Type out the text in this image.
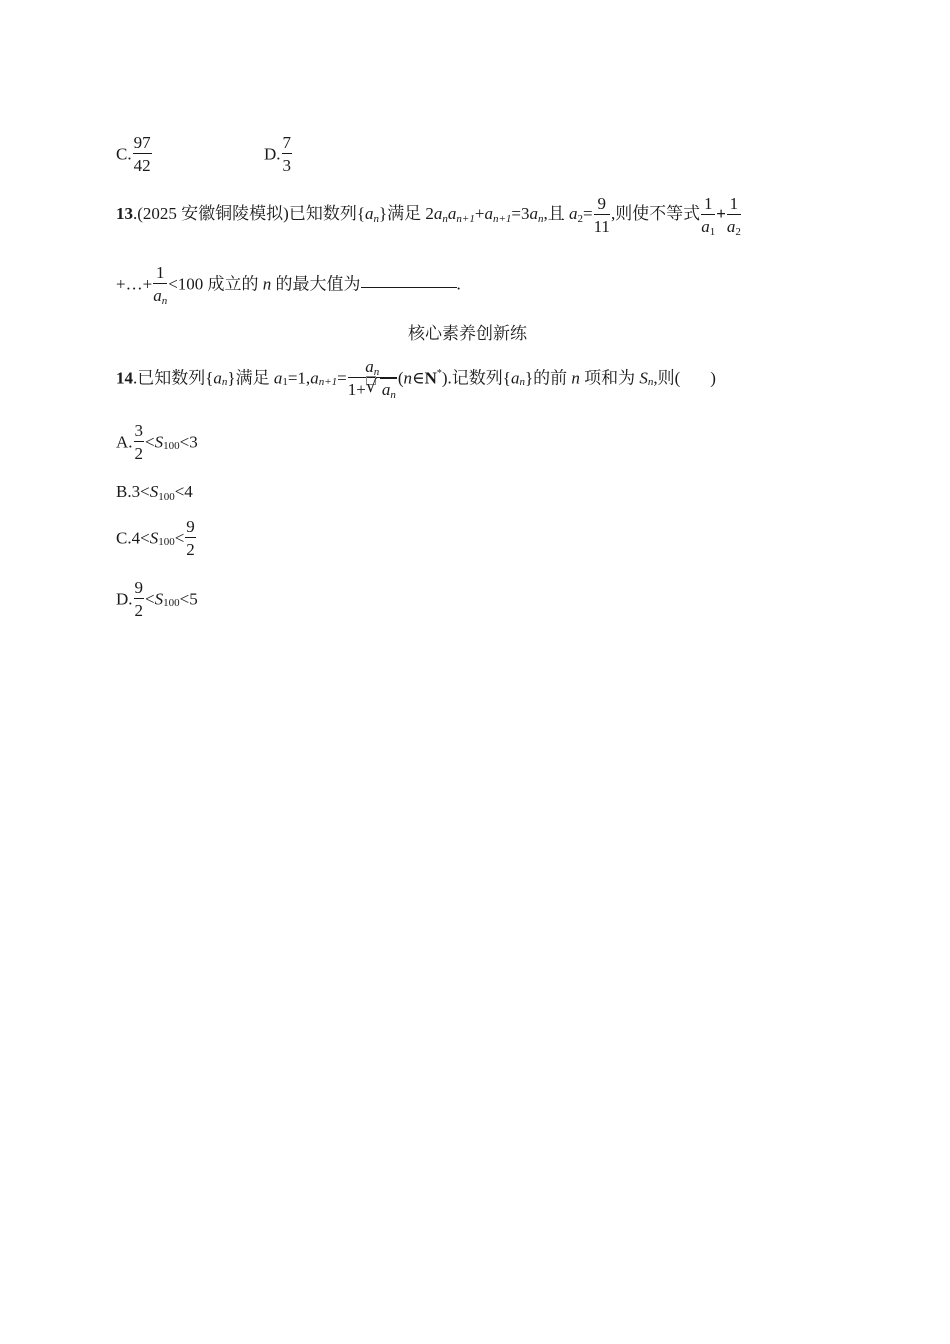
C. $\frac{97}{42}$	D. $\frac{7}{3}$
13.(2025 安徽铜陵模拟)已知数列$\{a_n\}$满足 $2a_na_{n+1}+a_{n+1}=3a_n$,且 $a_2= \frac{9}{11}$ ,则使不等式 $\frac{1}{a_1} + \frac{1}{a_2}$
+…+ $\frac{1}{a_n} <100$ 成立的 n 的最大值为	.
核心素养创新练
14.已知数列$\{a_n\}$满足 $a_1=1,a_{n+1}= \frac{a_n}{1+ √ a_n}$ (n∈N*).记数列$\{a_n\}$的前 n 项和为 $S_n$,则( )
A. $\frac{3}{2} <S_{100}<3$
$B.3<S_{100}<4$
$C.4<S_{100}< \frac{9}{2}$
D. $\frac{9}{2} <S_{100}<5$
